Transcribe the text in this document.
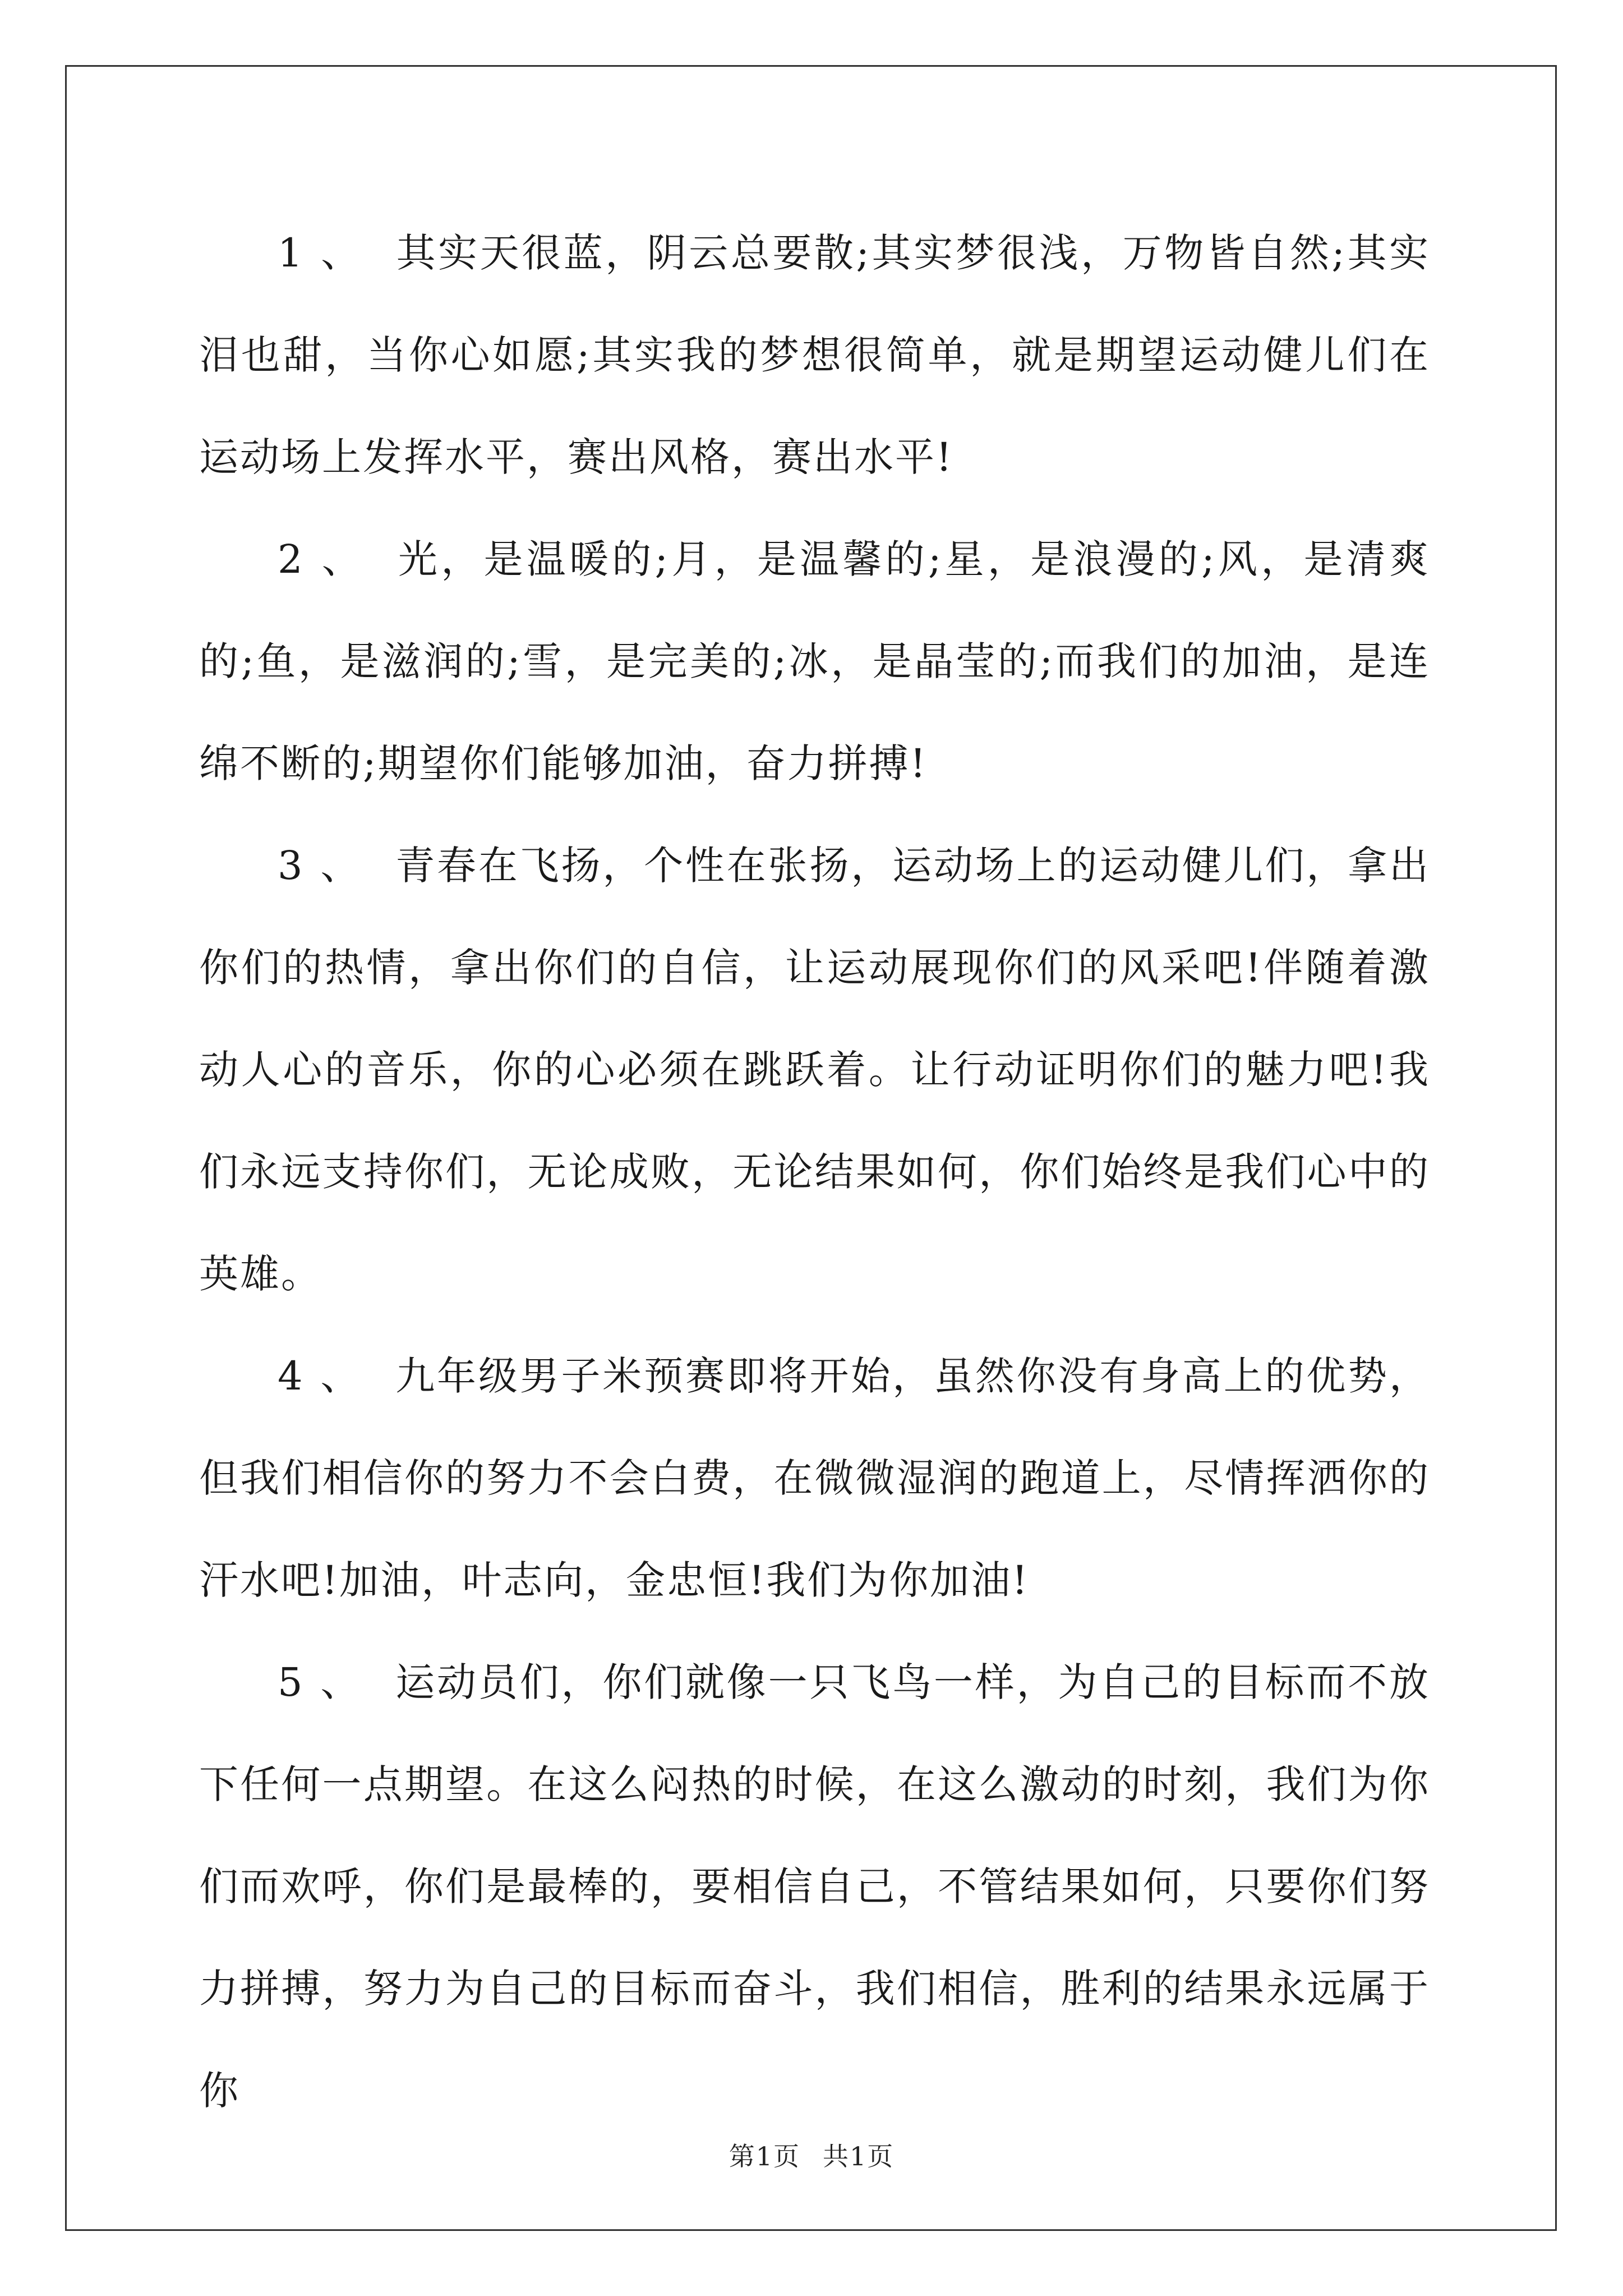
1 、 其实天很蓝，阴云总要散;其实梦很浅，万物皆自然;其实泪也甜，当你心如愿;其实我的梦想很简单，就是期望运动健儿们在运动场上发挥水平，赛出风格，赛出水平!

2 、 光，是温暖的;月，是温馨的;星，是浪漫的;风，是清爽的;鱼，是滋润的;雪，是完美的;冰，是晶莹的;而我们的加油，是连绵不断的;期望你们能够加油，奋力拼搏!

3 、 青春在飞扬，个性在张扬，运动场上的运动健儿们，拿出你们的热情，拿出你们的自信，让运动展现你们的风采吧!伴随着激动人心的音乐，你的心必须在跳跃着。让行动证明你们的魅力吧!我们永远支持你们，无论成败，无论结果如何，你们始终是我们心中的英雄。

4 、 九年级男子米预赛即将开始，虽然你没有身高上的优势，但我们相信你的努力不会白费，在微微湿润的跑道上，尽情挥洒你的汗水吧!加油，叶志向，金忠恒!我们为你加油!

5 、 运动员们，你们就像一只飞鸟一样，为自己的目标而不放下任何一点期望。在这么闷热的时候，在这么激动的时刻，我们为你们而欢呼，你们是最棒的，要相信自己，不管结果如何，只要你们努力拼搏，努力为自己的目标而奋斗，我们相信，胜利的结果永远属于你

第1页 共1页
